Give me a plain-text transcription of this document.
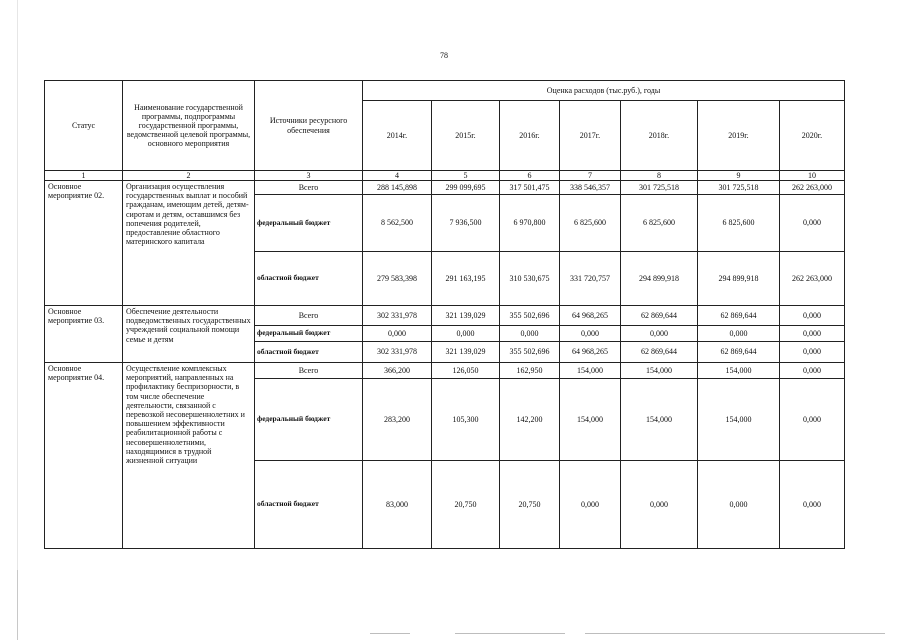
78
Статус	Наименование государственной программы, подпрограммы государственной программы, ведомственной целевой программы, основного мероприятия	Источники ресурсного обеспечения	Оценка расходов (тыс.руб.), годы						
			2014г.	2015г.	2016г.	2017г.	2018г.	2019г.	2020г.
1	2	3	4	5	6	7	8	9	10
Основное мероприятие 02.	Организация осуществления государственных выплат и пособий гражданам, имеющим детей, детям-сиротам и детям, оставшимся без попечения родителей, предоставление областного материнского капитала	Всего	288 145,898	299 099,695	317 501,475	338 546,357	301 725,518	301 725,518	262 263,000
		федеральный бюджет	8 562,500	7 936,500	6 970,800	6 825,600	6 825,600	6 825,600	0,000
		областной бюджет	279 583,398	291 163,195	310 530,675	331 720,757	294 899,918	294 899,918	262 263,000
Основное мероприятие 03.	Обеспечение деятельности подведомственных государственных учреждений социальной помощи семье и детям	Всего	302 331,978	321 139,029	355 502,696	64 968,265	62 869,644	62 869,644	0,000
		федеральный бюджет	0,000	0,000	0,000	0,000	0,000	0,000	0,000
		областной бюджет	302 331,978	321 139,029	355 502,696	64 968,265	62 869,644	62 869,644	0,000
Основное мероприятие 04.	Осуществление комплексных мероприятий, направленных на профилактику беспризорности, в том числе обеспечение деятельности, связанной с перевозкой несовершеннолетних и повышением эффективности реабилитационной работы с несовершеннолетними, находящимися в трудной жизненной ситуации	Всего	366,200	126,050	162,950	154,000	154,000	154,000	0,000
		федеральный бюджет	283,200	105,300	142,200	154,000	154,000	154,000	0,000
		областной бюджет	83,000	20,750	20,750	0,000	0,000	0,000	0,000
